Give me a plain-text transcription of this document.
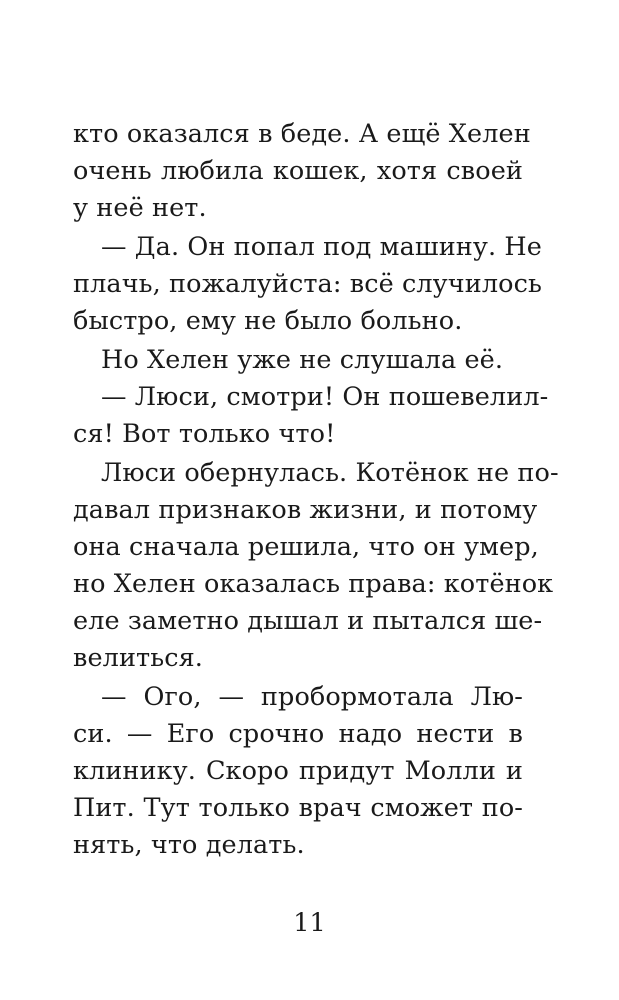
кто оказался в беде. А ещё Хелен
очень любила кошек, хотя своей
у неё нет.
— Да. Он попал под машину. Не
плачь, пожалуйста: всё случилось
быстро, ему не было больно.
Но Хелен уже не слушала её.
— Люси, смотри! Он пошевелил-
ся! Вот только что!
Люси обернулась. Котёнок не по-
давал признаков жизни, и потому
она сначала решила, что он умер,
но Хелен оказалась права: котёнок
еле заметно дышал и пытался ше-
велиться.
— Ого, — пробормотала Лю-
си. — Его срочно надо нести в
клинику. Скоро придут Молли и
Пит. Тут только врач сможет по-
нять, что делать.
11
